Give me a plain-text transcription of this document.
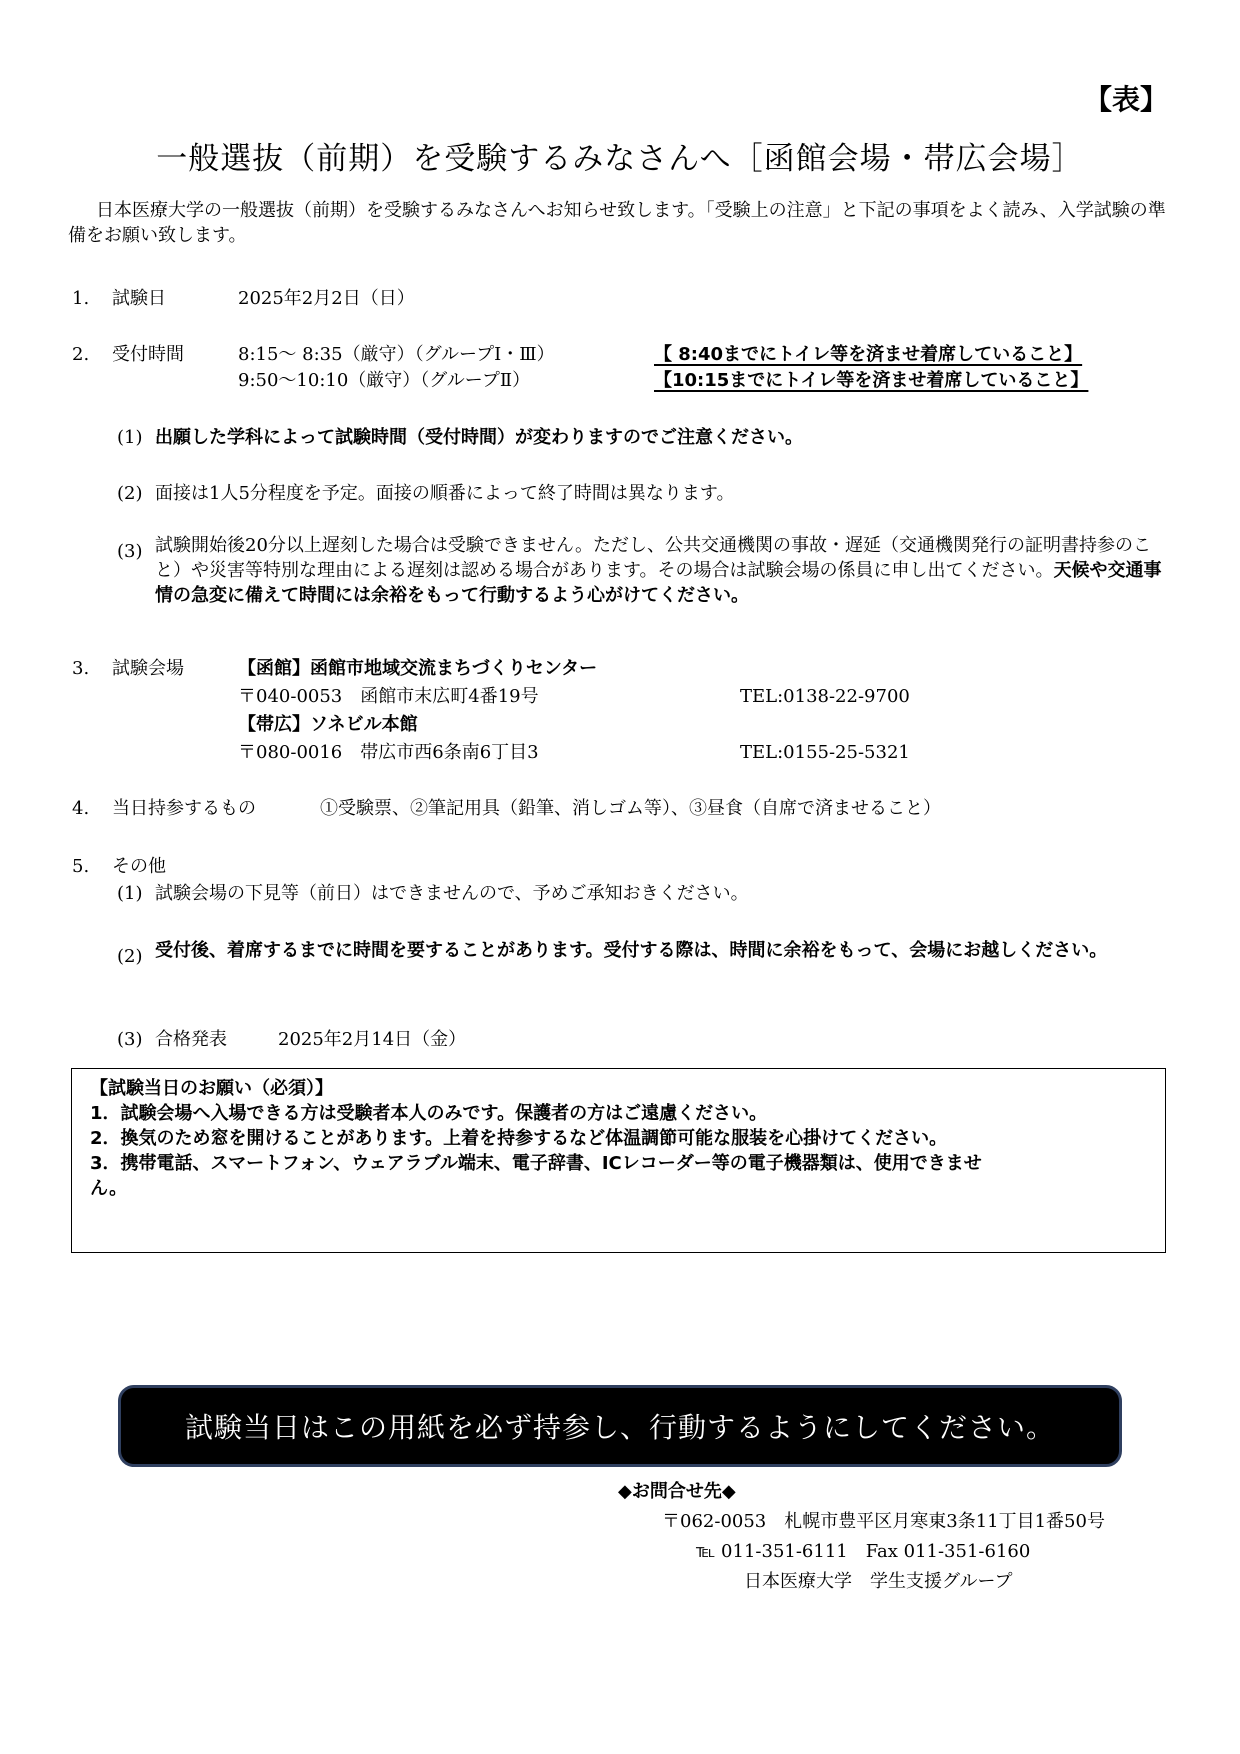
【表】
一般選抜（前期）を受験するみなさんへ［函館会場・帯広会場］
日本医療大学の一般選抜（前期）を受験するみなさんへお知らせ致します。「受験上の注意」と下記の事項をよく読み、入学試験の準備をお願い致します。
1. 試験日	2025年2月2日（日）
2. 受付時間	8:15～ 8:35（厳守）（グループⅠ・Ⅲ）	【 8:40までにトイレ等を済ませ着席していること】
9:50～10:10（厳守）（グループⅡ）	【10:15までにトイレ等を済ませ着席していること】
(1) 出願した学科によって試験時間（受付時間）が変わりますのでご注意ください。
(2) 面接は1人5分程度を予定。面接の順番によって終了時間は異なります。
(3) 試験開始後20分以上遅刻した場合は受験できません。ただし、公共交通機関の事故・遅延（交通機関発行の証明書持参のこと）や災害等特別な理由による遅刻は認める場合があります。その場合は試験会場の係員に申し出てください。天候や交通事情の急変に備えて時間には余裕をもって行動するよう心がけてください。
3. 試験会場	【函館】函館市地域交流まちづくりセンター
〒040-0053　函館市末広町4番19号	TEL:0138-22-9700
【帯広】ソネビル本館
〒080-0016　帯広市西6条南6丁目3	TEL:0155-25-5321
4. 当日持参するもの	①受験票、②筆記用具（鉛筆、消しゴム等）、③昼食（自席で済ませること）
5. その他
(1) 試験会場の下見等（前日）はできませんので、予めご承知おきください。
(2) 受付後、着席するまでに時間を要することがあります。受付する際は、時間に余裕をもって、会場にお越しください。
(3) 合格発表	2025年2月14日（金）
【試験当日のお願い（必須）】
1．試験会場へ入場できる方は受験者本人のみです。保護者の方はご遠慮ください。
2．換気のため窓を開けることがあります。上着を持参するなど体温調節可能な服装を心掛けてください。
3．携帯電話、スマートフォン、ウェアラブル端末、電子辞書、ICレコーダー等の電子機器類は、使用できませ
ん。
試験当日はこの用紙を必ず持参し、行動するようにしてください。
◆お問合せ先◆
〒062-0053　札幌市豊平区月寒東3条11丁目1番50号
℡ 011-351-6111　Fax 011-351-6160
日本医療大学　学生支援グループ
